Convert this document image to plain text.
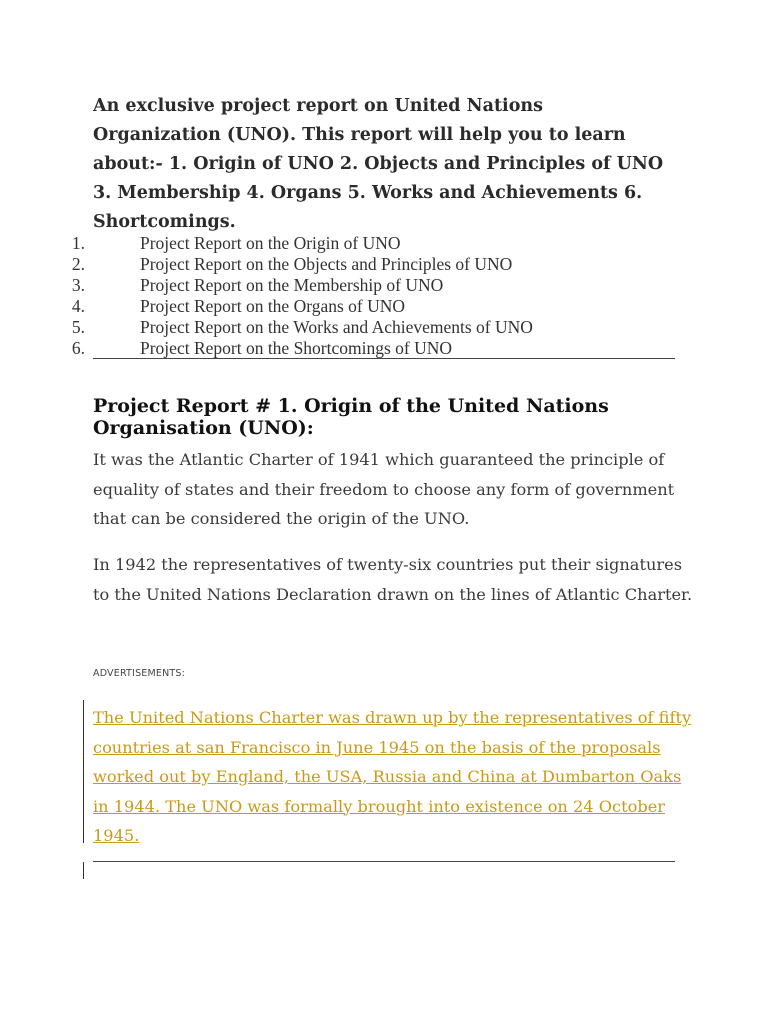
An exclusive project report on United Nations Organization (UNO). This report will help you to learn about:- 1. Origin of UNO 2. Objects and Principles of UNO 3. Membership 4. Organs 5. Works and Achievements 6. Shortcomings.
1.	Project Report on the Origin of UNO
2.	Project Report on the Objects and Principles of UNO
3.	Project Report on the Membership of UNO
4.	Project Report on the Organs of UNO
5.	Project Report on the Works and Achievements of UNO
6.	Project Report on the Shortcomings of UNO
Project Report # 1. Origin of the United Nations Organisation (UNO):

It was the Atlantic Charter of 1941 which guaranteed the principle of equality of states and their freedom to choose any form of government that can be considered the origin of the UNO.

In 1942 the representatives of twenty-six countries put their signatures to the United Nations Declaration drawn on the lines of Atlantic Charter.

ADVERTISEMENTS:
The United Nations Charter was drawn up by the representatives of fifty countries at san Francisco in June 1945 on the basis of the proposals worked out by England, the USA, Russia and China at Dumbarton Oaks in 1944. The UNO was formally brought into existence on 24 October 1945.
